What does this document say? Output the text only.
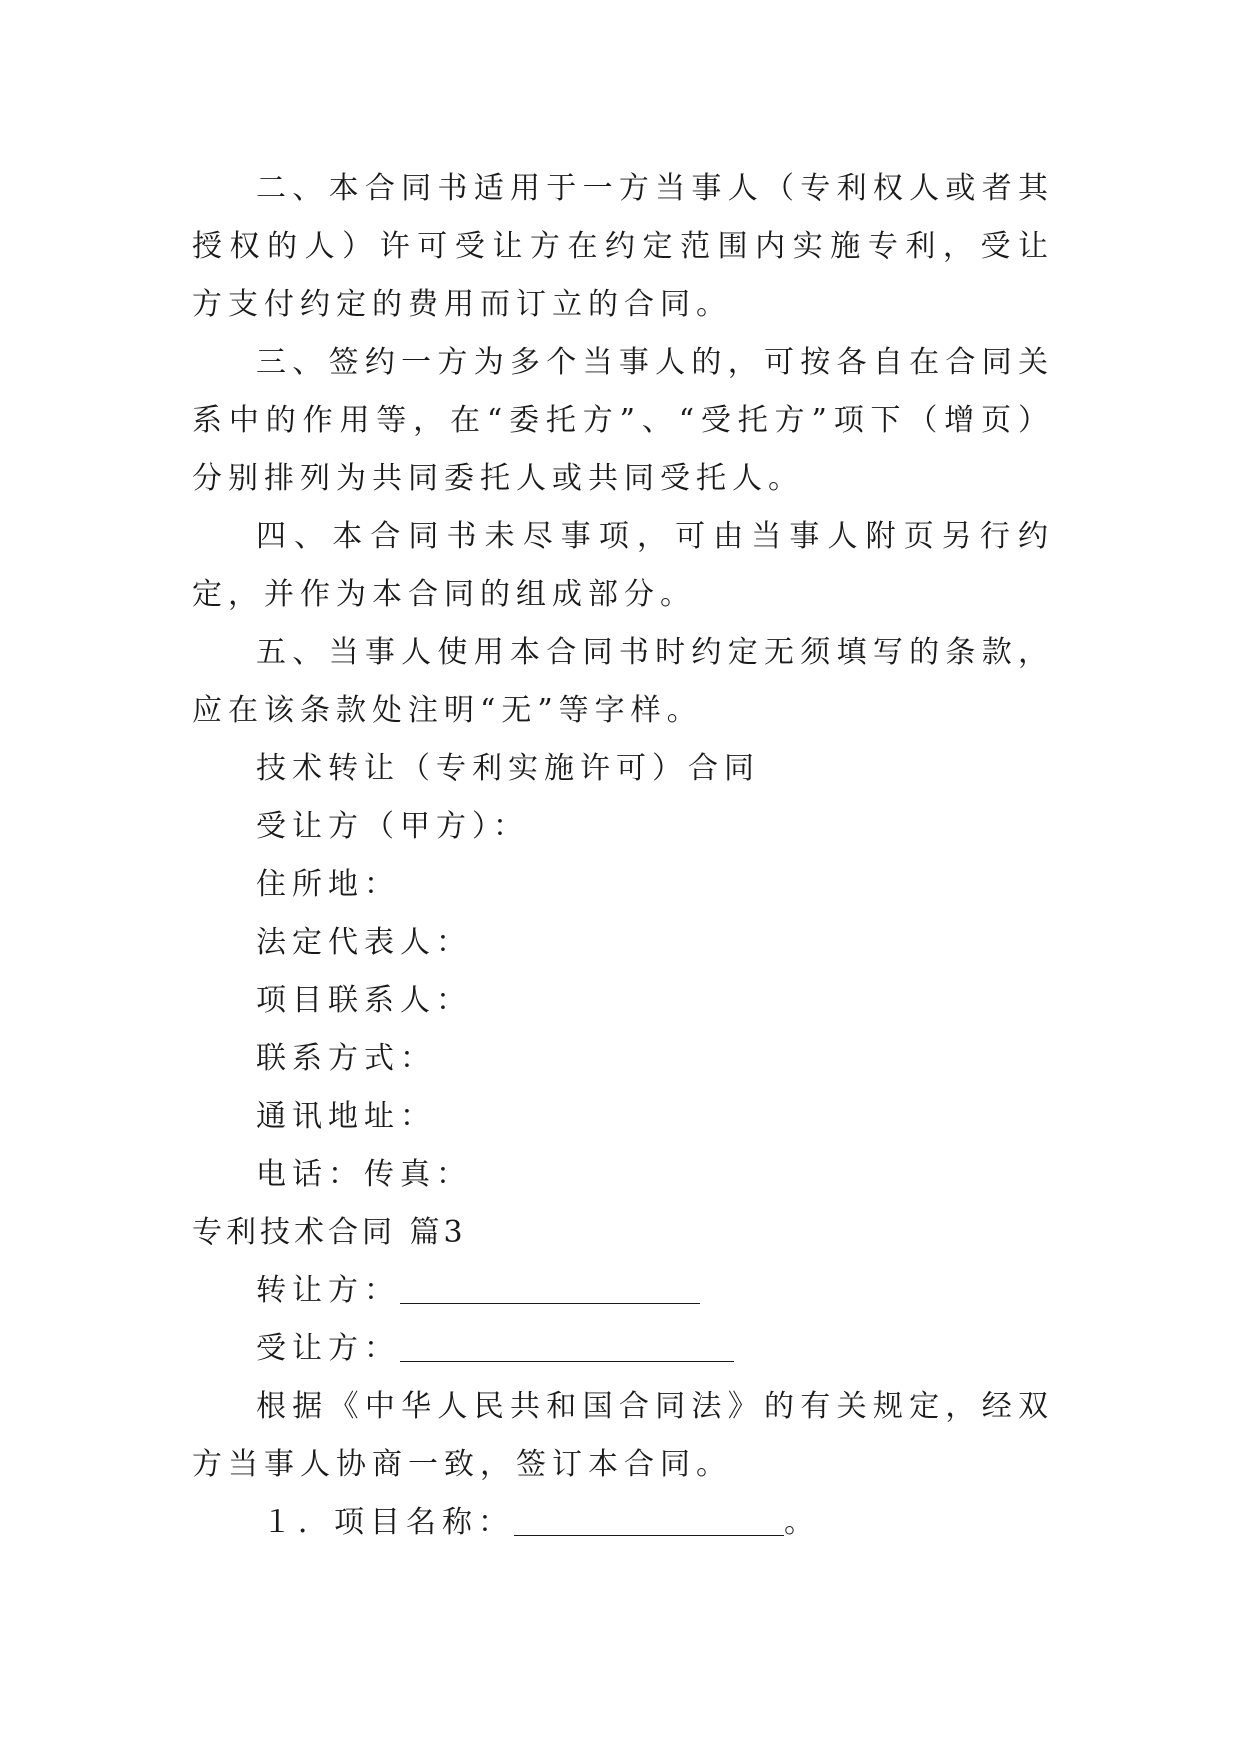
二、本合同书适用于一方当事人（专利权人或者其授权的人）许可受让方在约定范围内实施专利，受让方支付约定的费用而订立的合同。

三、签约一方为多个当事人的，可按各自在合同关系中的作用等，在“委托方”、“受托方”项下（增页）分别排列为共同委托人或共同受托人。

四、本合同书未尽事项，可由当事人附页另行约定，并作为本合同的组成部分。

五、当事人使用本合同书时约定无须填写的条款，应在该条款处注明“无”等字样。

技术转让（专利实施许可）合同

受让方（甲方）：

住所地：

法定代表人：

项目联系人：

联系方式：

通讯地址：

电话：传真：

专利技术合同 篇3

转让方：

受让方：

根据《中华人民共和国合同法》的有关规定，经双方当事人协商一致，签订本合同。

１．项目名称：	。
